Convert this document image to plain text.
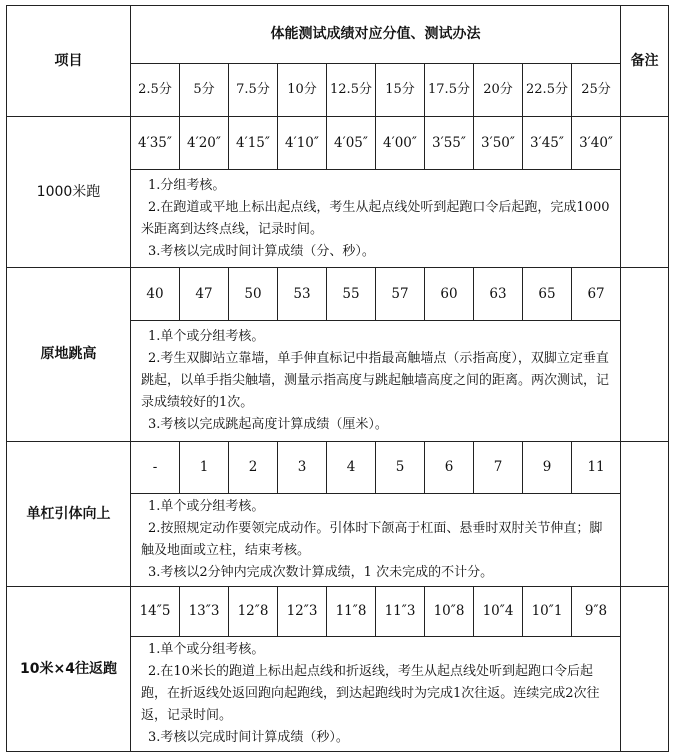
项目	体能测试成绩对应分值、测试办法										备注
	2.5分	5分	7.5分	10分	12.5分	15分	17.5分	20分	22.5分	25分	
1000米跑	4′35″	4′20″	4′15″	4′10″	4′05″	4′00″	3′55″	3′50″	3′45″	3′40″	

	1.分组考核。
2.在跑道或平地上标出起点线，考生从起点线处听到起跑口令后起跑，完成1000米距离到达终点线，记录时间。
3.考核以完成时间计算成绩（分、秒）。										

原地跳高	40	47	50	53	55	57	60	63	65	67	

	1.单个或分组考核。
2.考生双脚站立靠墙，单手伸直标记中指最高触墙点（示指高度），双脚立定垂直跳起，以单手指尖触墙，测量示指高度与跳起触墙高度之间的距离。两次测试，记录成绩较好的1次。
3.考核以完成跳起高度计算成绩（厘米）。										

单杠引体向上	-	1	2	3	4	5	6	7	9	11	

	1.单个或分组考核。
2.按照规定动作要领完成动作。引体时下颌高于杠面、悬垂时双肘关节伸直；脚触及地面或立柱，结束考核。
3.考核以2分钟内完成次数计算成绩，1 次未完成的不计分。										

10米×4往返跑	14″5	13″3	12″8	12″3	11″8	11″3	10″8	10″4	10″1	9″8	

	1.单个或分组考核。
2.在10米长的跑道上标出起点线和折返线，考生从起点线处听到起跑口令后起跑，在折返线处返回跑向起跑线，到达起跑线时为完成1次往返。连续完成2次往返，记录时间。
3.考核以完成时间计算成绩（秒）。										
